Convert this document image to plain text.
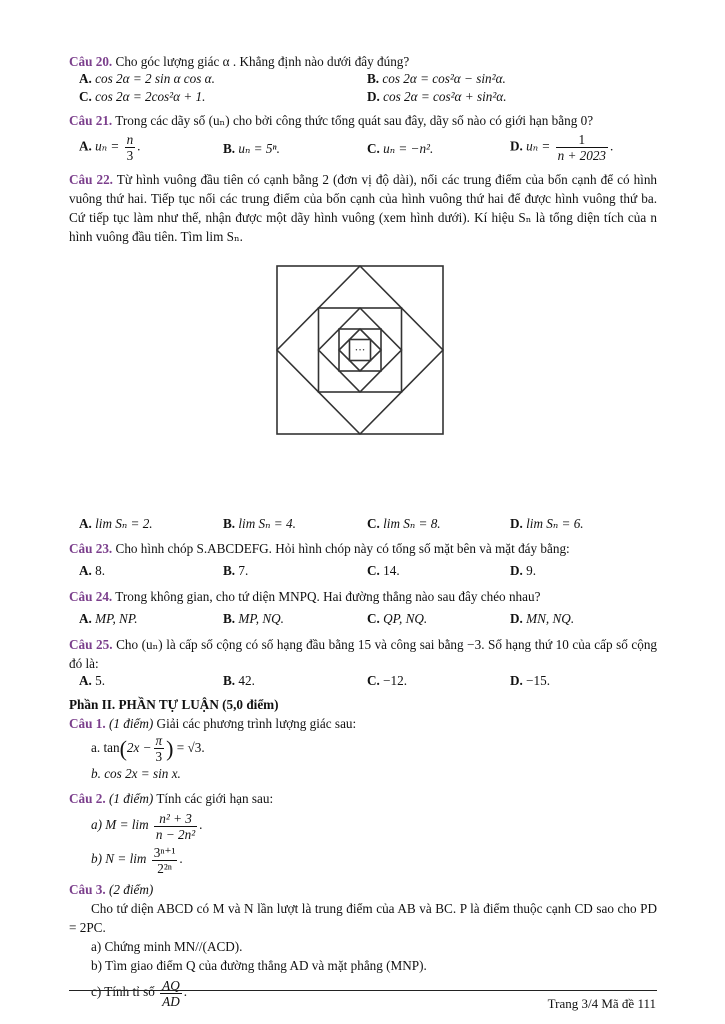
Câu 20. Cho góc lượng giác α . Khẳng định nào dưới đây đúng?
A. cos 2α = 2 sin α cos α.	B. cos 2α = cos²α − sin²α.
C. cos 2α = 2cos²α + 1.	D. cos 2α = cos²α + sin²α.
Câu 21. Trong các dãy số (uₙ) cho bởi công thức tổng quát sau đây, dãy số nào có giới hạn bằng 0?
A. $u_n = \frac{n}{3}$ .	B. uₙ = 5ⁿ.	C. uₙ = −n².	D. $u_n = \frac{1}{n + 2023}$ .
Câu 22. Từ hình vuông đầu tiên có cạnh bằng 2 (đơn vị độ dài), nối các trung điểm của bốn cạnh để có hình vuông thứ hai. Tiếp tục nối các trung điểm của bốn cạnh của hình vuông thứ hai để được hình vuông thứ ba. Cứ tiếp tục làm như thế, nhận được một dãy hình vuông (xem hình dưới). Kí hiệu Sₙ là tổng diện tích của n hình vuông đầu tiên. Tìm lim Sₙ.
• • •
A. lim Sₙ = 2.	B. lim Sₙ = 4.	C. lim Sₙ = 8.	D. lim Sₙ = 6.
Câu 23. Cho hình chóp S.ABCDEFG. Hỏi hình chóp này có tổng số mặt bên và mặt đáy bằng:
A. 8.	B. 7.	C. 14.	D. 9.
Câu 24. Trong không gian, cho tứ diện MNPQ. Hai đường thẳng nào sau đây chéo nhau?
A. MP, NP.	B. MP, NQ.	C. QP, NQ.	D. MN, NQ.
Câu 25. Cho (uₙ) là cấp số cộng có số hạng đầu bằng 15 và công sai bằng −3. Số hạng thứ 10 của cấp số cộng đó là:
A. 5.	B. 42.	C. −12.	D. −15.
Phần II. PHẦN TỰ LUẬN (5,0 điểm)
Câu 1. (1 điểm) Giải các phương trình lượng giác sau:
a. $\tan(2x - \frac{\pi}{3}$ ) = √3.
b. cos 2x = sin x.
Câu 2. (1 điểm) Tính các giới hạn sau:
a) $M = \lim \frac{\text{n² + 3}}{\text{n − 2n²}}$ .
b) $N = \lim \frac{\text{3ⁿ⁺¹}}{\text{2²ⁿ}}$ .
Câu 3. (2 điểm)
Cho tứ diện ABCD có M và N lần lượt là trung điểm của AB và BC. P là điểm thuộc cạnh CD sao cho PD = 2PC.
a) Chứng minh MN//(ACD).
b) Tìm giao điểm Q của đường thẳng AD và mặt phẳng (MNP).
c) Tính tỉ số $\frac{AQ}{AD}$ .
Trang 3/4 Mã đề 111
